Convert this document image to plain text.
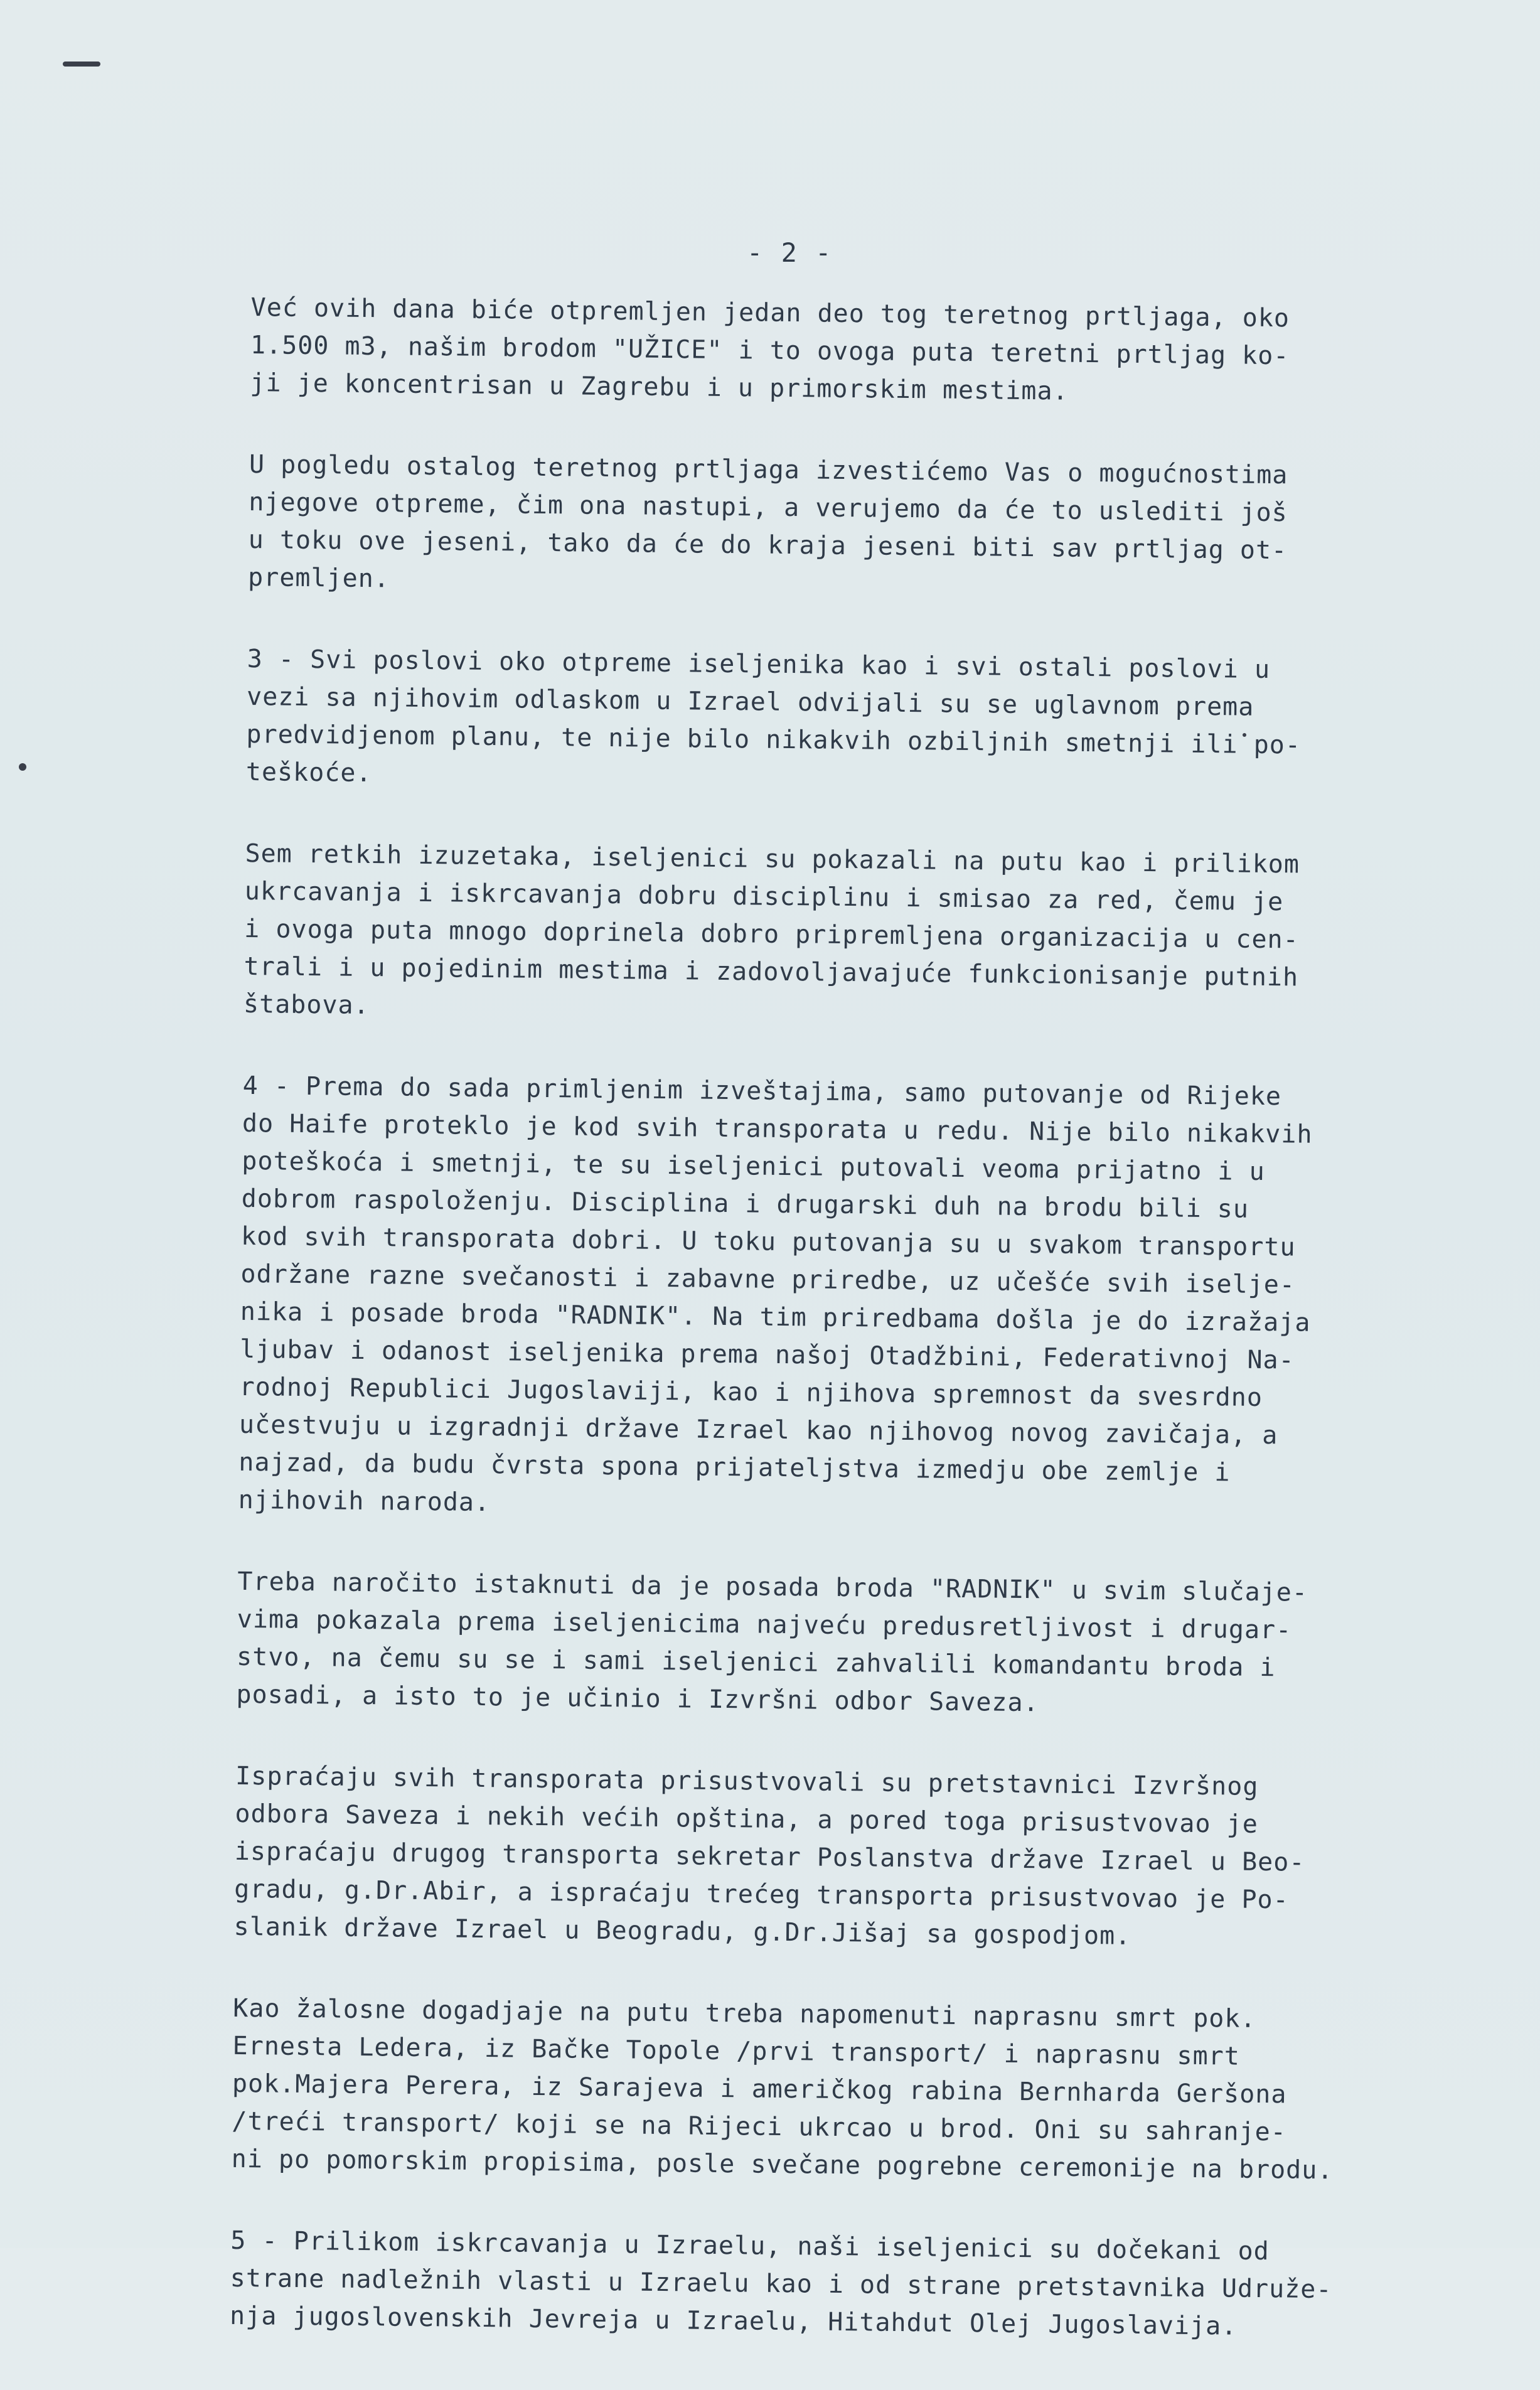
- 2 -
Već ovih dana biće otpremljen jedan deo tog teretnog prtljaga, oko
1.500 m3, našim brodom "UŽICE" i to ovoga puta teretni prtljag ko-
ji je koncentrisan u Zagrebu i u primorskim mestima.
U pogledu ostalog teretnog prtljaga izvestićemo Vas o mogućnostima
njegove otpreme, čim ona nastupi, a verujemo da će to uslediti još
u toku ove jeseni, tako da će do kraja jeseni biti sav prtljag ot-
premljen.
3 - Svi poslovi oko otpreme iseljenika kao i svi ostali poslovi u
vezi sa njihovim odlaskom u Izrael odvijali su se uglavnom prema
predvidjenom planu, te nije bilo nikakvih ozbiljnih smetnji ili po-
teškoće.
Sem retkih izuzetaka, iseljenici su pokazali na putu kao i prilikom
ukrcavanja i iskrcavanja dobru disciplinu i smisao za red, čemu je
i ovoga puta mnogo doprinela dobro pripremljena organizacija u cen-
trali i u pojedinim mestima i zadovoljavajuće funkcionisanje putnih
štabova.
4 - Prema do sada primljenim izveštajima, samo putovanje od Rijeke
do Haife proteklo je kod svih transporata u redu. Nije bilo nikakvih
poteškoća i smetnji, te su iseljenici putovali veoma prijatno i u
dobrom raspoloženju. Disciplina i drugarski duh na brodu bili su
kod svih transporata dobri. U toku putovanja su u svakom transportu
održane razne svečanosti i zabavne priredbe, uz učešće svih iselje-
nika i posade broda "RADNIK". Na tim priredbama došla je do izražaja
ljubav i odanost iseljenika prema našoj Otadžbini, Federativnoj Na-
rodnoj Republici Jugoslaviji, kao i njihova spremnost da svesrdno
učestvuju u izgradnji države Izrael kao njihovog novog zavičaja, a
najzad, da budu čvrsta spona prijateljstva izmedju obe zemlje i
njihovih naroda.
Treba naročito istaknuti da je posada broda "RADNIK" u svim slučaje-
vima pokazala prema iseljenicima najveću predusretljivost i drugar-
stvo, na čemu su se i sami iseljenici zahvalili komandantu broda i
posadi, a isto to je učinio i Izvršni odbor Saveza.
Ispraćaju svih transporata prisustvovali su pretstavnici Izvršnog
odbora Saveza i nekih većih opština, a pored toga prisustvovao je
ispraćaju drugog transporta sekretar Poslanstva države Izrael u Beo-
gradu, g.Dr.Abir, a ispraćaju trećeg transporta prisustvovao je Po-
slanik države Izrael u Beogradu, g.Dr.Jišaj sa gospodjom.
Kao žalosne dogadjaje na putu treba napomenuti naprasnu smrt pok.
Ernesta Ledera, iz Bačke Topole /prvi transport/ i naprasnu smrt
pok.Majera Perera, iz Sarajeva i američkog rabina Bernharda Geršona
/treći transport/ koji se na Rijeci ukrcao u brod. Oni su sahranje-
ni po pomorskim propisima, posle svečane pogrebne ceremonije na brodu.
5 - Prilikom iskrcavanja u Izraelu, naši iseljenici su dočekani od
strane nadležnih vlasti u Izraelu kao i od strane pretstavnika Udruže-
nja jugoslovenskih Jevreja u Izraelu, Hitahdut Olej Jugoslavija.
